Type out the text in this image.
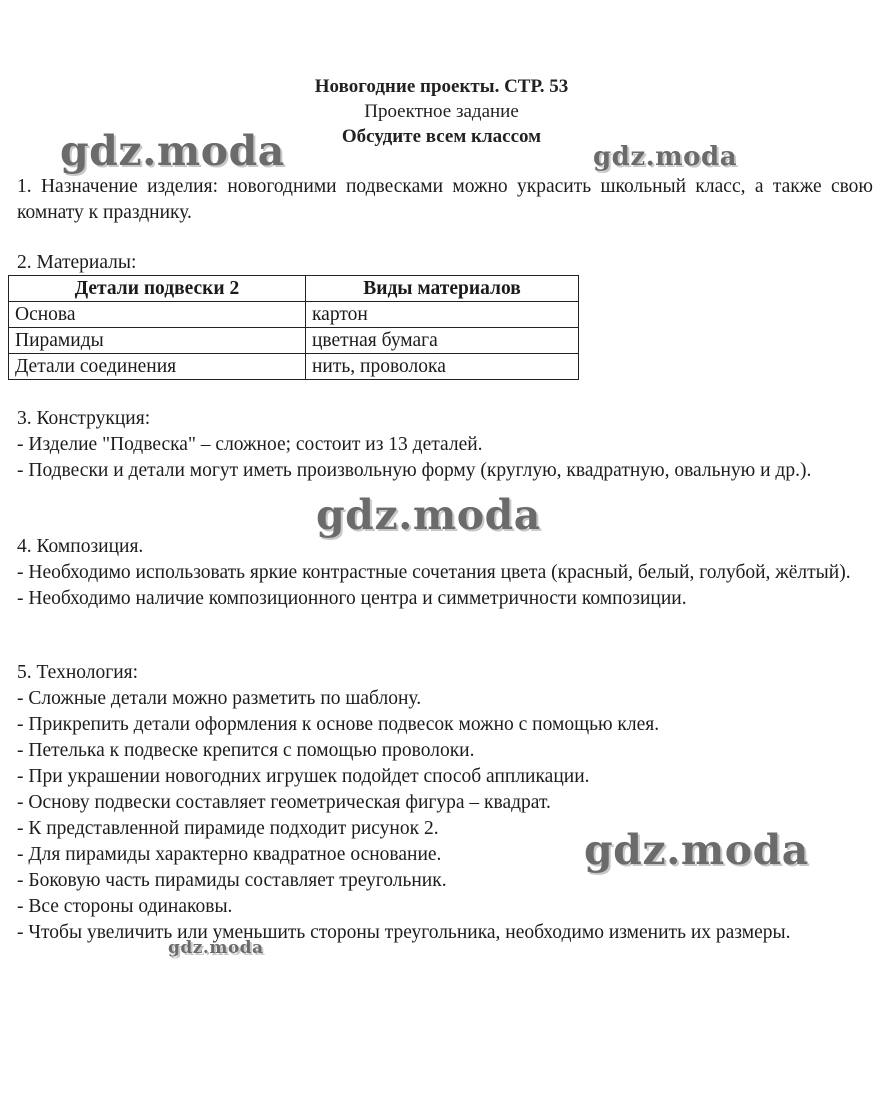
Новогодние проекты. СТР. 53
Проектное задание
Обсудите всем классом

1. Назначение изделия: новогодними подвесками можно украсить школьный класс, а также свою комнату к празднику.

2. Материалы:

Детали подвески 2	Виды материалов
Основа	картон
Пирамиды	цветная бумага
Детали соединения	нить, проволока
3. Конструкция:
- Изделие "Подвеска" – сложное; состоит из 13 деталей.
- Подвески и детали могут иметь произвольную форму (круглую, квадратную, овальную и др.).
4. Композиция.
- Необходимо использовать яркие контрастные сочетания цвета (красный, белый, голубой, жёлтый).
- Необходимо наличие композиционного центра и симметричности композиции.
5. Технология:
- Сложные детали можно разметить по шаблону.
- Прикрепить детали оформления к основе подвесок можно с помощью клея.
- Петелька к подвеске крепится с помощью проволоки.
- При украшении новогодних игрушек подойдет способ аппликации.
- Основу подвески составляет геометрическая фигура – квадрат.
- К представленной пирамиде подходит рисунок 2.
- Для пирамиды характерно квадратное основание.
- Боковую часть пирамиды составляет треугольник.
- Все стороны одинаковы.
- Чтобы увеличить или уменьшить стороны треугольника, необходимо изменить их размеры.
gdz.moda	gdz.moda
gdz.moda
gdz.moda
gdz.moda
